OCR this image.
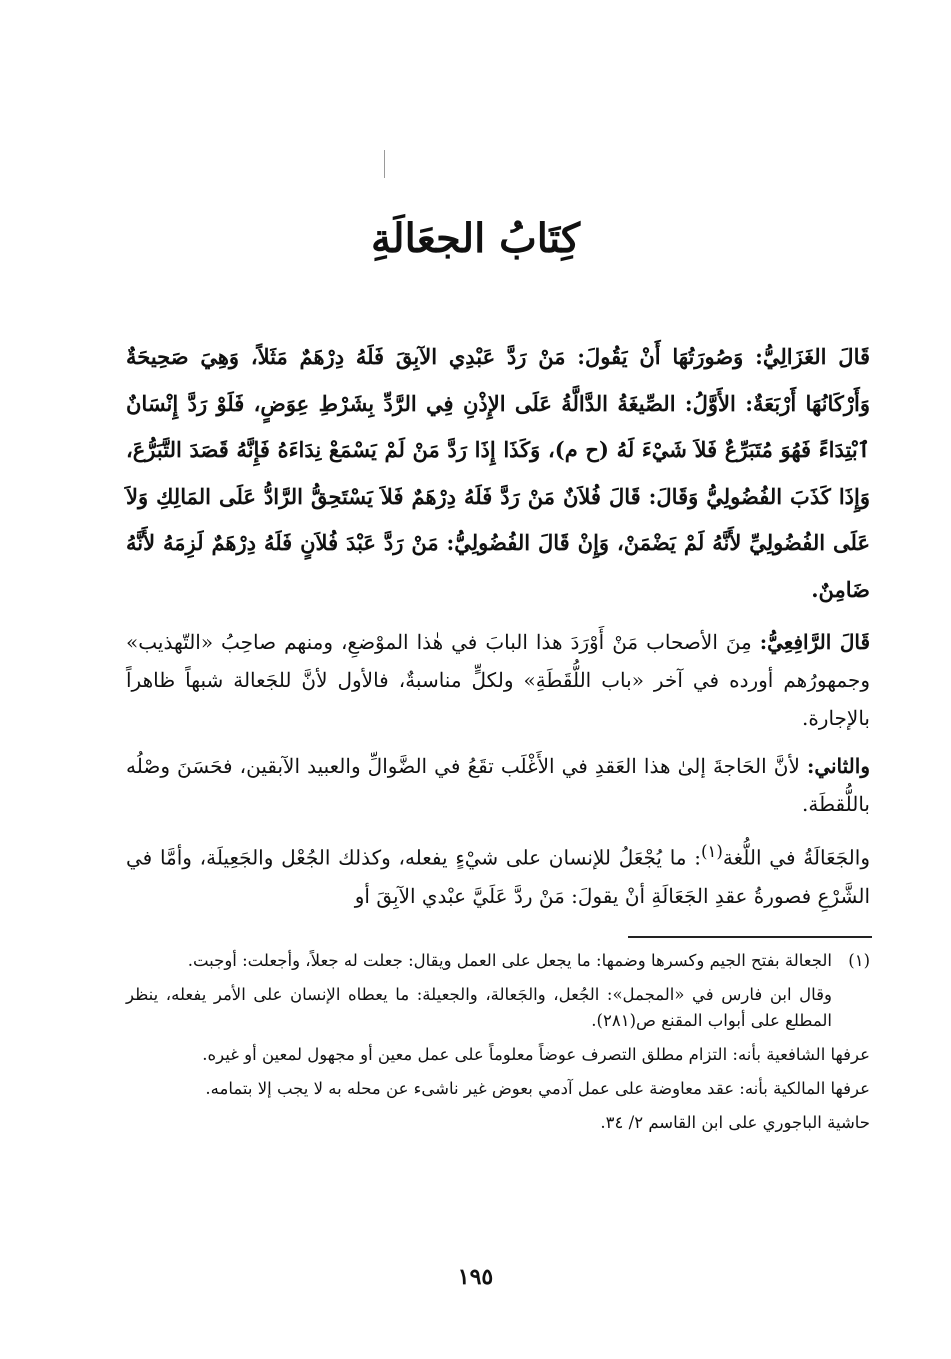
كِتَابُ الجعَالَةِ

قَالَ الغَزَالِيُّ: وَصُورَتُهَا أَنْ يَقُولَ: مَنْ رَدَّ عَبْدِي الآبِقَ فَلَهُ دِرْهَمٌ مَثَلاً، وَهِيَ صَحِيحَةٌ وَأَرْكَانُهَا أَرْبَعَةٌ: الأَوَّلُ: الصِّيغَةُ الدَّالَّةُ عَلَى الإِذْنِ فِي الرَّدِّ بِشَرْطِ عِوَضٍ، فَلَوْ رَدَّ إِنْسَانٌ ٱبْتِدَاءً فَهُوَ مُتَبَرِّعٌ فَلاَ شَيْءَ لَهُ (ح م)، وَكَذَا إِذَا رَدَّ مَنْ لَمْ يَسْمَعْ نِدَاءَهُ فَإِنَّهُ قَصَدَ التَّبَرُّعَ، وَإِذَا كَذَبَ الفُضُولِيُّ وَقَالَ: قَالَ فُلاَنٌ مَنْ رَدَّ فَلَهُ دِرْهَمٌ فَلاَ يَسْتَحِقُّ الرَّادُّ عَلَى المَالِكِ وَلاَ عَلَى الفُضُولِيِّ لأَنَّهُ لَمْ يَضْمَنْ، وَإِنْ قَالَ الفُضُولِيُّ: مَنْ رَدَّ عَبْدَ فُلاَنٍ فَلَهُ دِرْهَمٌ لَزِمَهُ لأَنَّهُ ضَامِنٌ.

قَالَ الرَّافِعِيُّ: مِنَ الأصحاب مَنْ أَوْرَدَ هذا البابَ في هٰذا الموْضعِ، ومنهم صاحِبُ «التّهذيب» وجمهورُهم أورده في آخر «باب اللُّقَطَةِ» ولكلٍّ مناسبةٌ، فالأول لأنَّ للجَعالة شبهاً ظاهراً بالإجارة.

والثاني: لأنَّ الحَاجةَ إلىٰ هذا العَقدِ في الأَغْلَب تقَعُ في الضَّوالِّ والعبيد الآبقين، فحَسَنَ وصْلُه باللُّقطَة.

والجَعَالَةُ في اللُّغة$^{(١)}$: ما يُجْعَلُ للإنسان على شيْءٍ يفعله، وكذلك الجُعْل والجَعِيلَة، وأمَّا في الشَّرْعِ فصورةُ عقدِ الجَعَالَةِ أنْ يقولَ: مَنْ ردَّ عَلَيَّ عبْدي الآبِقَ أو

(١)الجعالة بفتح الجيم وكسرها وضمها: ما يجعل على العمل ويقال: جعلت له جعلاً، وأجعلت: أوجبت.

وقال ابن فارس في «المجمل»: الجُعل، والجَعالة، والجعيلة: ما يعطاه الإنسان على الأمر يفعله، ينظر المطلع على أبواب المقنع ص(٢٨١).

عرفها الشافعية بأنه: التزام مطلق التصرف عوضاً معلوماً على عمل معين أو مجهول لمعين أو غيره.

عرفها المالكية بأنه: عقد معاوضة على عمل آدمي بعوض غير ناشىء عن محله به لا يجب إلا بتمامه.

حاشية الباجوري على ابن القاسم ٢/ ٣٤.

١٩٥
